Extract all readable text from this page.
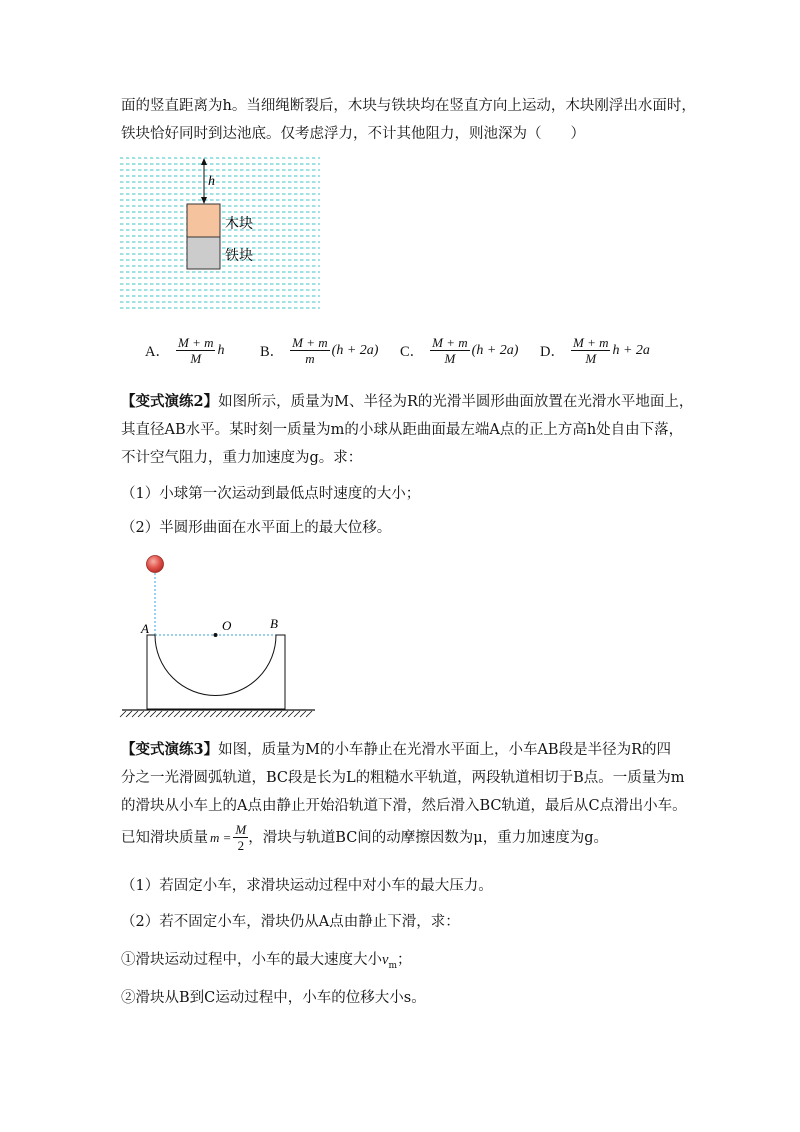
面的竖直距离为h。当细绳断裂后，木块与铁块均在竖直方向上运动，木块刚浮出水面时，
铁块恰好同时到达池底。仅考虑浮力，不计其他阻力，则池深为（　　）
h
木块
铁块
A． $\frac{M + m}{M}$ h B． $\frac{M + m}{m} (h + 2a)$ C． $\frac{M + m}{M} (h + 2a)$ D． $\frac{M + m}{M}$ h + 2a
【变式演练2】如图所示，质量为M、半径为R的光滑半圆形曲面放置在光滑水平地面上，
其直径AB水平。某时刻一质量为m的小球从距曲面最左端A点的正上方高h处自由下落，
不计空气阻力，重力加速度为g。求：
（1）小球第一次运动到最低点时速度的大小；
（2）半圆形曲面在水平面上的最大位移。
A	O	B
【变式演练3】如图，质量为M的小车静止在光滑水平面上，小车AB段是半径为R的四
分之一光滑圆弧轨道，BC段是长为L的粗糙水平轨道，两段轨道相切于B点。一质量为m
的滑块从小车上的A点由静止开始沿轨道下滑，然后滑入BC轨道，最后从C点滑出小车。
已知滑块质量 $m = \frac{M}{2}$ ，滑块与轨道BC间的动摩擦因数为μ，重力加速度为g。
（1）若固定小车，求滑块运动过程中对小车的最大压力。
（2）若不固定小车，滑块仍从A点由静止下滑，求：
①滑块运动过程中，小车的最大速度大小$v_m$；
②滑块从B到C运动过程中，小车的位移大小s。
